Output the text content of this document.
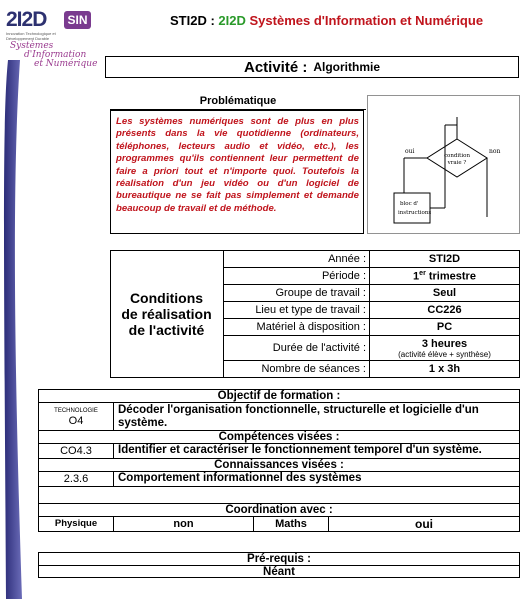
2I2D SIN
Innovation Technologique et Développement Durable
Systèmes
d'Information
et Numérique
STI2D : 2I2D Systèmes d'Information et Numérique
Activité : Algorithmie
Problématique
Les systèmes numériques sont de plus en plus présents dans la vie quotidienne (ordinateurs, téléphones, lecteurs audio et vidéo, etc.), les programmes qu'ils contiennent leur permettent de faire a priori tout et n'importe quoi. Toutefois la réalisation d'un jeu vidéo ou d'un logiciel de bureautique ne se fait pas simplement et demande beaucoup de travail et de méthode.
oui	non
condition
vraie ?
bloc d'
instructions
Conditions
de réalisation
de l'activité
Année :	STI2D
Période :	1er trimestre
Groupe de travail :	Seul
Lieu et type de travail :	CC226
Matériel à disposition :	PC
Durée de l'activité :	3 heures
(activité élève + synthèse)

Nombre de séances :	1 x 3h
Objectif de formation :
TECHNOLOGIE
O4
Décoder l'organisation fonctionnelle, structurelle et logicielle d'un système.
Compétences visées :
CO4.3	Identifier et caractériser le fonctionnement temporel d'un système.
Connaissances visées :
2.3.6	Comportement informationnel des systèmes
Coordination avec :
Physique	non	Maths	oui
Pré-requis :
Néant
